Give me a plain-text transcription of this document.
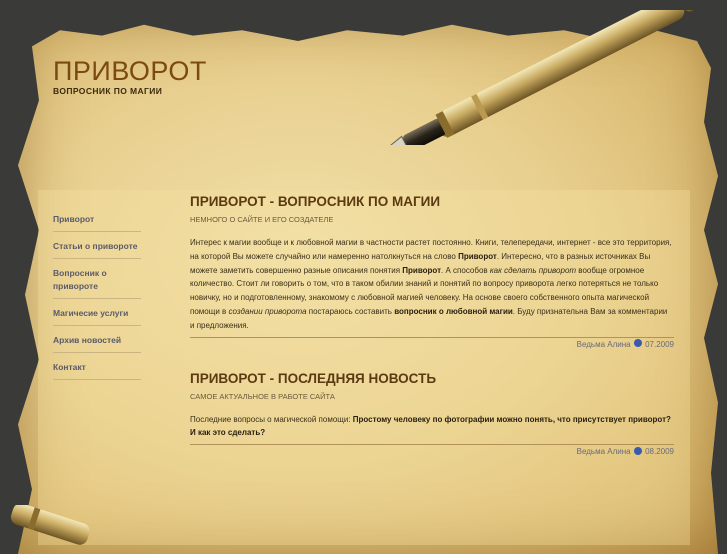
ПРИВОРОТ

ВОПРОСНИК ПО МАГИИ

Приворот
Статьи о привороте
Вопросник о привороте
Магичесие услуги
Архив новостей
Контакт
ПРИВОРОТ - ВОПРОСНИК ПО МАГИИ
НЕМНОГО О САЙТЕ И ЕГО СОЗДАТЕЛЕ

Интерес к магии вообще и к любовной магии в частности растет постоянно. Книги, телепередачи, интернет - все это территория, на которой Вы можете случайно или намеренно натолкнуться на слово Приворот. Интересно, что в разных источниках Вы можете заметить совершенно разные описания понятия Приворот. А способов как сделать приворот вообще огромное количество. Стоит ли говорить о том, что в таком обилии знаний и понятий по вопросу приворота легко потеряться не только новичку, но и подготовленному, знакомому с любовной магией человеку. На основе своего собственного опыта магической помощи в создании приворота постараюсь составить вопросник о любовной магии. Буду признательна Вам за комментарии и предложения.

Ведьма Алина 07.2009
ПРИВОРОТ - ПОСЛЕДНЯЯ НОВОСТЬ
САМОЕ АКТУАЛЬНОЕ В РАБОТЕ САЙТА

Последние вопросы о магической помощи: Простому человеку по фотографии можно понять, что присутствует приворот? И как это сделать?

Ведьма Алина 08.2009
